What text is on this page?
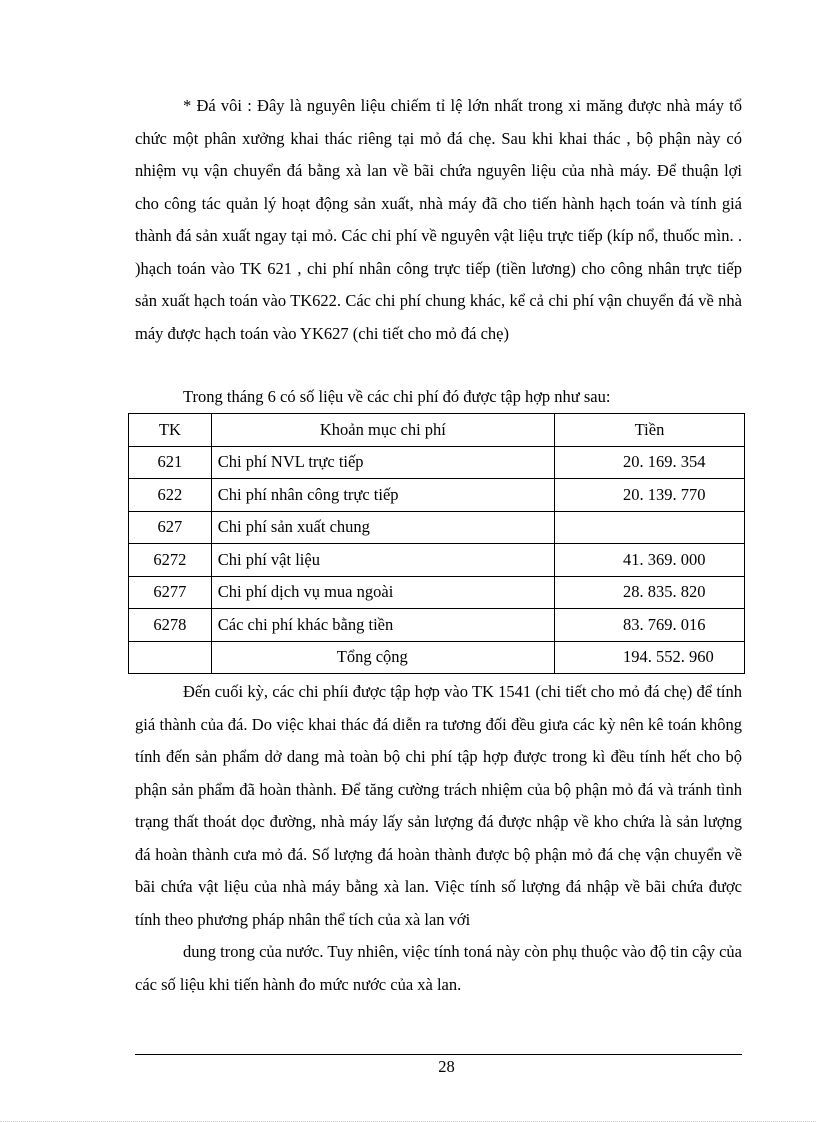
* Đá vôi : Đây là nguyên liệu chiếm tỉ lệ lớn nhất trong xi măng được nhà máy tổ chức một phân xưởng khai thác riêng tại mỏ đá chẹ. Sau khi khai thác , bộ phận này có nhiệm vụ vận chuyển đá bằng xà lan về bãi chứa nguyên liệu của nhà máy. Để thuận lợi cho công tác quản lý hoạt động sản xuất, nhà máy đã cho tiến hành hạch toán và tính giá thành đá sản xuất ngay tại mỏ. Các chi phí về nguyên vật liệu trực tiếp (kíp nổ, thuốc mìn. . )hạch toán vào TK 621 , chi phí nhân công trực tiếp (tiền lương) cho công nhân trực tiếp sản xuất hạch toán vào TK622. Các chi phí chung khác, kể cả chi phí vận chuyển đá về nhà máy được hạch toán vào YK627 (chi tiết cho mỏ đá chẹ)

Trong tháng 6 có số liệu về các chi phí đó được tập hợp như sau:

TK	Khoản mục chi phí	Tiền
621	Chi phí NVL trực tiếp	20. 169. 354
622	Chi phí nhân công trực tiếp	20. 139. 770
627	Chi phí sản xuất chung	
6272	Chi phí vật liệu	41. 369. 000
6277	Chi phí dịch vụ mua ngoài	28. 835. 820
6278	Các chi phí khác bằng tiền	83. 769. 016
	Tổng cộng	194. 552. 960

Đến cuối kỳ, các chi phíi được tập hợp vào TK 1541 (chi tiết cho mỏ đá chẹ) để tính giá thành của đá. Do việc khai thác đá diễn ra tương đối đều giưa các kỳ nên kê toán không tính đến sản phẩm dở dang mà toàn bộ chi phí tập hợp được trong kì đều tính hết cho bộ phận sản phẩm đã hoàn thành. Để tăng cường trách nhiệm của bộ phận mỏ đá và tránh tình trạng thất thoát dọc đường, nhà máy lấy sản lượng đá được nhập về kho chứa là sản lượng đá hoàn thành cưa mỏ đá. Số lượng đá hoàn thành được bộ phận mỏ đá chẹ vận chuyển về bãi chứa vật liệu của nhà máy bằng xà lan. Việc tính số lượng đá nhập về bãi chứa được tính theo phương pháp nhân thể tích của xà lan với

dung trong của nước. Tuy nhiên, việc tính toná này còn phụ thuộc vào độ tin cậy của các số liệu khi tiến hành đo mức nước của xà lan.

28
